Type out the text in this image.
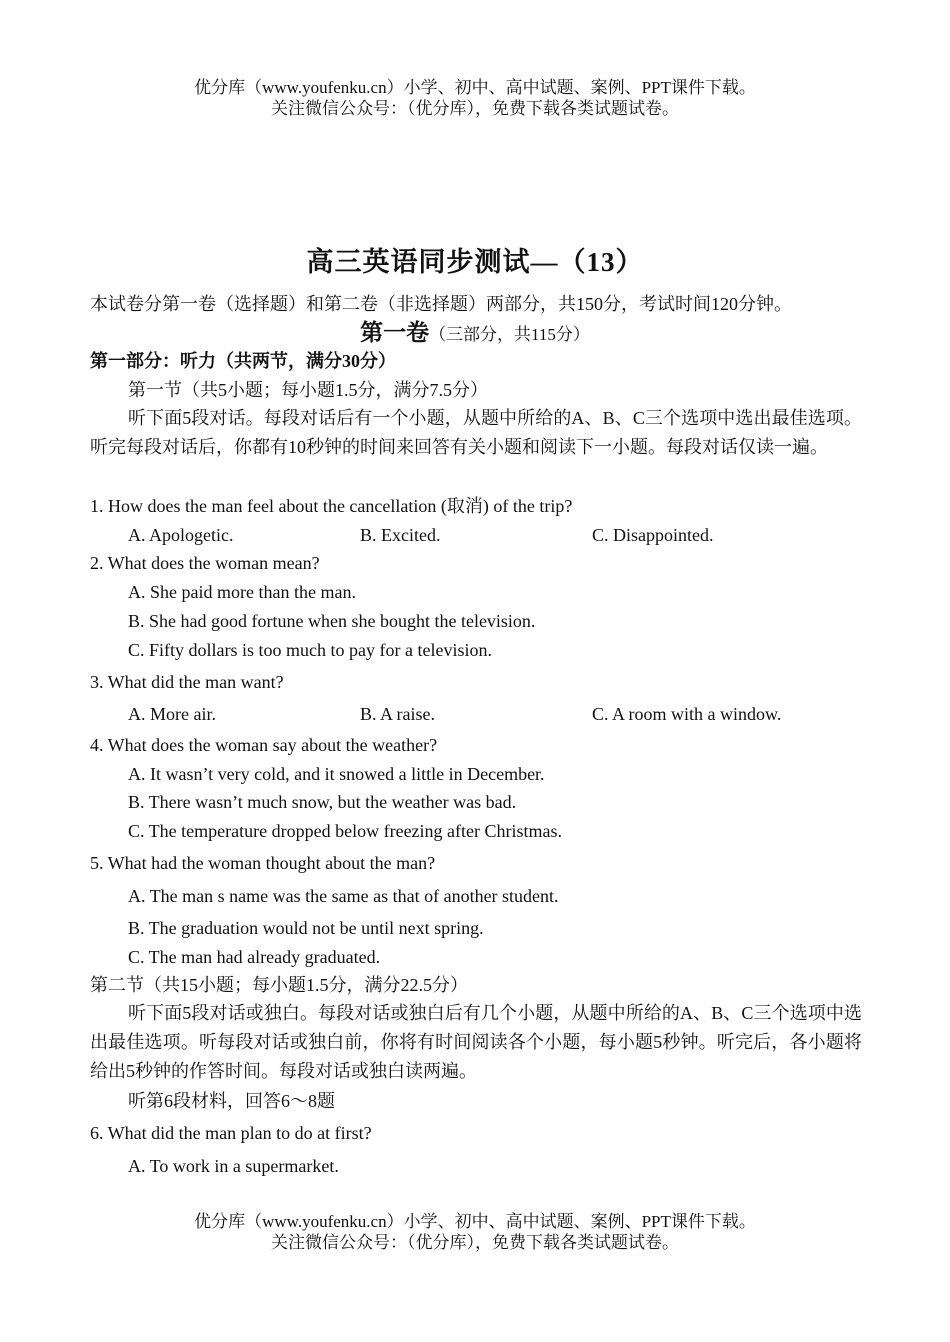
优分库（www.youfenku.cn）小学、初中、高中试题、案例、PPT课件下载。
关注微信公众号：（优分库），免费下载各类试题试卷。
高三英语同步测试—（13）
本试卷分第一卷（选择题）和第二卷（非选择题）两部分，共150分，考试时间120分钟。
第一卷（三部分，共115分）
第一部分：听力（共两节，满分30分）
第一节（共5小题；每小题1.5分，满分7.5分）
听下面5段对话。每段对话后有一个小题，从题中所给的A、B、C三个选项中选出最佳选项。听完每段对话后，你都有10秒钟的时间来回答有关小题和阅读下一小题。每段对话仅读一遍。
1. How does the man feel about the cancellation (取消) of the trip?
A. Apologetic.	B. Excited.	C. Disappointed.
2. What does the woman mean?
A. She paid more than the man.
B. She had good fortune when she bought the television.
C. Fifty dollars is too much to pay for a television.
3. What did the man want?
A. More air.	B. A raise.	C. A room with a window.
4. What does the woman say about the weather?
A. It wasn’t very cold, and it snowed a little in December.
B. There wasn’t much snow, but the weather was bad.
C. The temperature dropped below freezing after Christmas.
5. What had the woman thought about the man?
A. The man s name was the same as that of another student.
B. The graduation would not be until next spring.
C. The man had already graduated.
第二节（共15小题；每小题1.5分，满分22.5分）
听下面5段对话或独白。每段对话或独白后有几个小题，从题中所给的A、B、C三个选项中选出最佳选项。听每段对话或独白前，你将有时间阅读各个小题，每小题5秒钟。听完后，各小题将给出5秒钟的作答时间。每段对话或独白读两遍。
听第6段材料，回答6～8题
6. What did the man plan to do at first?
A. To work in a supermarket.
优分库（www.youfenku.cn）小学、初中、高中试题、案例、PPT课件下载。
关注微信公众号：（优分库），免费下载各类试题试卷。
